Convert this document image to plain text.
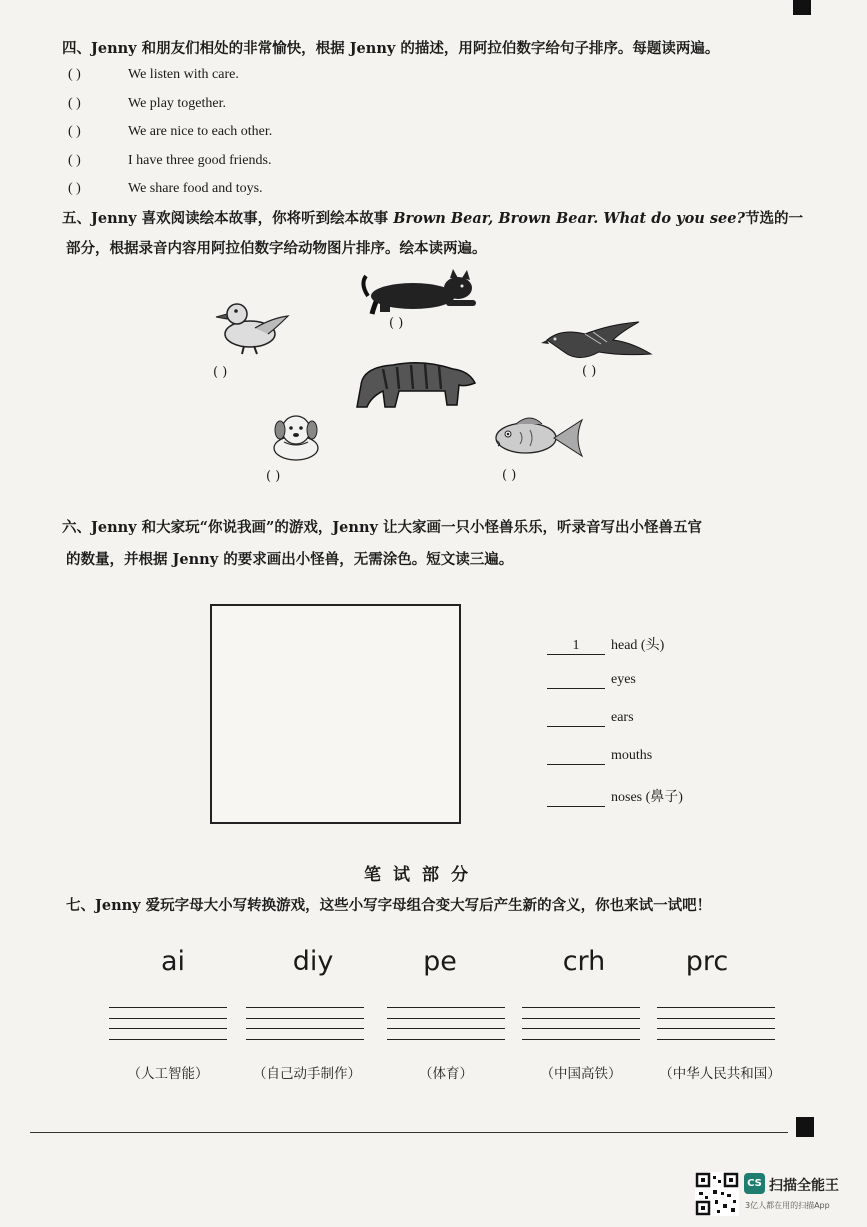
四、Jenny 和朋友们相处的非常愉快，根据 Jenny 的描述，用阿拉伯数字给句子排序。每题读两遍。
( )	We listen with care.
( )	We play together.
( )	We are nice to each other.
( )	I have three good friends.
( )	We share food and toys.
五、Jenny 喜欢阅读绘本故事，你将听到绘本故事 Brown Bear, Brown Bear. What do you see?节选的一
部分，根据录音内容用阿拉伯数字给动物图片排序。绘本读两遍。
( )
( )
( )
( )	( )
六、Jenny 和大家玩“你说我画”的游戏，Jenny 让大家画一只小怪兽乐乐，听录音写出小怪兽五官
的数量，并根据 Jenny 的要求画出小怪兽，无需涂色。短文读三遍。
1 head (头)
eyes
ears
mouths
noses (鼻子)
笔试部分
七、Jenny 爱玩字母大小写转换游戏，这些小写字母组合变大写后产生新的含义，你也来试一试吧！
ai	diy	pe	crh	prc
（人工智能）	（自己动手制作）	（体育）	（中国高铁）	（中华人民共和国）
CS 扫描全能王
3亿人都在用的扫描App
